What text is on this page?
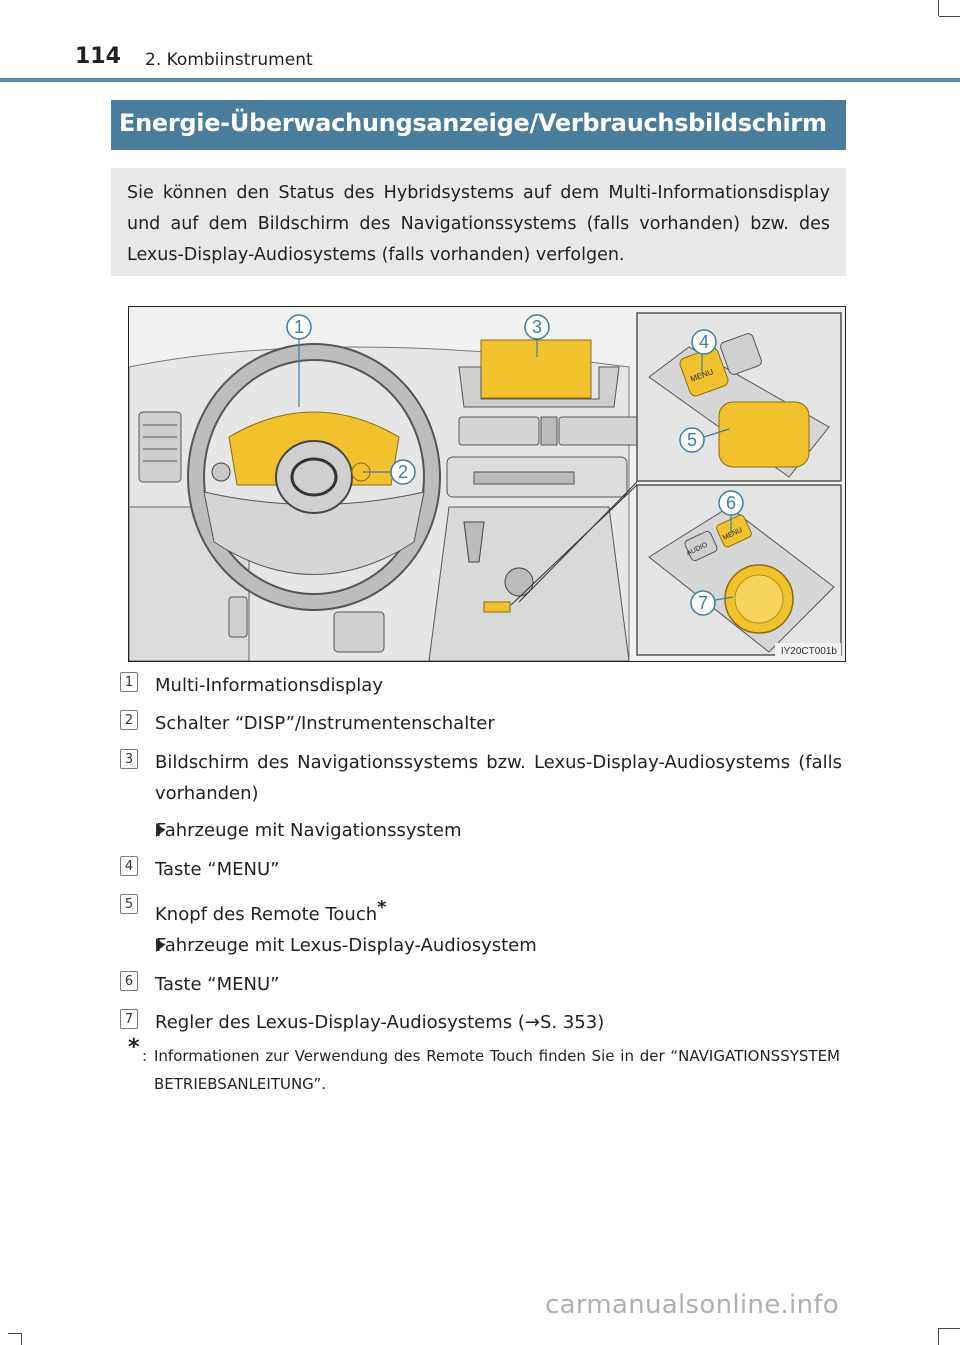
114 2. Kombiinstrument
Energie-Überwachungsanzeige/Verbrauchsbildschirm
Sie können den Status des Hybridsystems auf dem Multi-Informationsdisplay und auf dem Bildschirm des Navigationssystems (falls vorhanden) bzw. des Lexus-Display-Audiosystems (falls vorhanden) verfolgen.
MENU
AUDIO
MENU
1
2
3
4
5
6
7
IY20CT001b
1 Multi-Informationsdisplay
2 Schalter “DISP”/Instrumentenschalter
3 Bildschirm des Navigationssystems bzw. Lexus-Display-Audiosystems (falls vorhanden)
Fahrzeuge mit Navigationssystem
4 Taste “MENU”
5 Knopf des Remote Touch*
Fahrzeuge mit Lexus-Display-Audiosystem
6 Taste “MENU”
7 Regler des Lexus-Display-Audiosystems (→S. 353)
* : Informationen zur Verwendung des Remote Touch finden Sie in der “NAVIGATIONSSYSTEM BETRIEBSANLEITUNG”.
carmanualsonline.info
